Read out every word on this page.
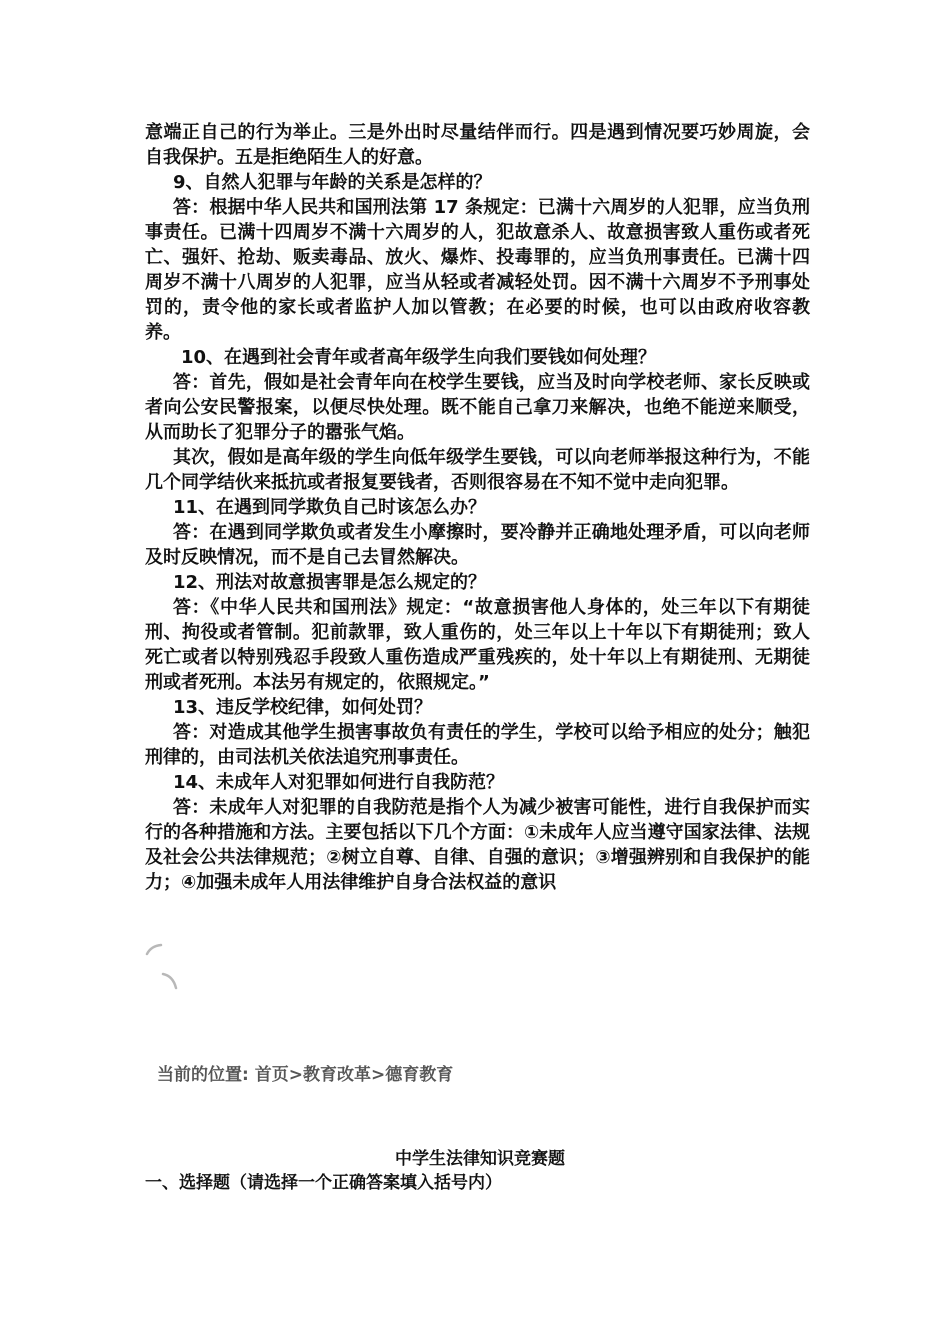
意端正自己的行为举止。三是外出时尽量结伴而行。四是遇到情况要巧妙周旋，会自我保护。五是拒绝陌生人的好意。

9、自然人犯罪与年龄的关系是怎样的？

答：根据中华人民共和国刑法第 17 条规定：已满十六周岁的人犯罪，应当负刑事责任。已满十四周岁不满十六周岁的人，犯故意杀人、故意损害致人重伤或者死亡、强奸、抢劫、贩卖毒品、放火、爆炸、投毒罪的，应当负刑事责任。已满十四周岁不满十八周岁的人犯罪，应当从轻或者减轻处罚。因不满十六周岁不予刑事处罚的，责令他的家长或者监护人加以管教；在必要的时候，也可以由政府收容教养。

10、在遇到社会青年或者高年级学生向我们要钱如何处理？

答：首先，假如是社会青年向在校学生要钱，应当及时向学校老师、家长反映或者向公安民警报案，以便尽快处理。既不能自己拿刀来解决，也绝不能逆来顺受，从而助长了犯罪分子的嚣张气焰。

其次，假如是高年级的学生向低年级学生要钱，可以向老师举报这种行为，不能几个同学结伙来抵抗或者报复要钱者，否则很容易在不知不觉中走向犯罪。

11、在遇到同学欺负自己时该怎么办？

答：在遇到同学欺负或者发生小摩擦时，要冷静并正确地处理矛盾，可以向老师及时反映情况，而不是自己去冒然解决。

12、刑法对故意损害罪是怎么规定的？

答：《中华人民共和国刑法》规定：“故意损害他人身体的，处三年以下有期徒刑、拘役或者管制。犯前款罪，致人重伤的，处三年以上十年以下有期徒刑；致人死亡或者以特别残忍手段致人重伤造成严重残疾的，处十年以上有期徒刑、无期徒刑或者死刑。本法另有规定的，依照规定。”

13、违反学校纪律，如何处罚？

答：对造成其他学生损害事故负有责任的学生，学校可以给予相应的处分；触犯刑律的，由司法机关依法追究刑事责任。

14、未成年人对犯罪如何进行自我防范？

答：未成年人对犯罪的自我防范是指个人为减少被害可能性，进行自我保护而实行的各种措施和方法。主要包括以下几个方面：①未成年人应当遵守国家法律、法规及社会公共法律规范；②树立自尊、自律、自强的意识；③增强辨别和自我保护的能力；④加强未成年人用法律维护自身合法权益的意识

当前的位置: 首页>教育改革>德育教育
中学生法律知识竞赛题
一、选择题（请选择一个正确答案填入括号内）
